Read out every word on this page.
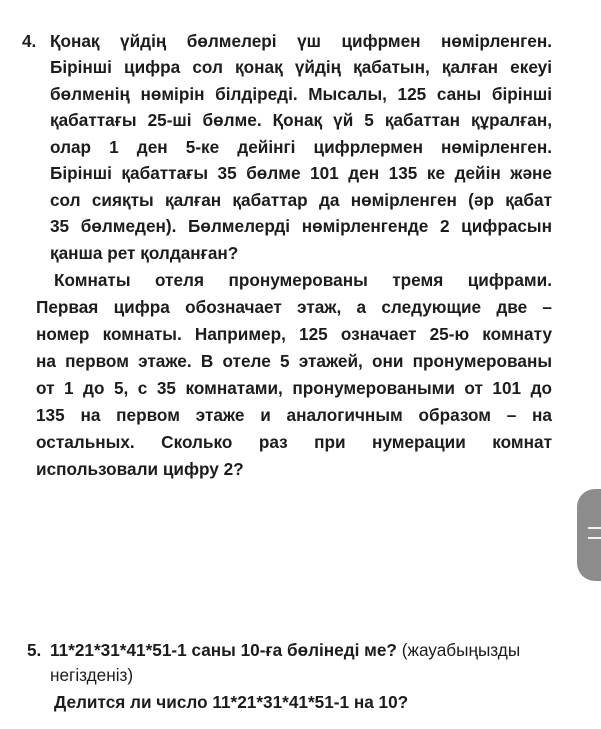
4. Қонақ үйдің бөлмелері үш цифрмен нөмірленген.
Бірінші цифра сол қонақ үйдің қабатын, қалған екеуі
бөлменің нөмірін білдіреді. Мысалы, 125 саны бірінші
қабаттағы 25-ші бөлме. Қонақ үй 5 қабаттан құралған,
олар 1 ден 5-ке дейінгі цифрлермен нөмірленген.
Бірінші қабаттағы 35 бөлме 101 ден 135 ке дейін және
сол сияқты қалған қабаттар да нөмірленген (әр қабат
35 бөлмеден). Бөлмелерді нөмірленгенде 2 цифрасын
қанша рет қолданған?
Комнаты отеля пронумерованы тремя цифрами.
Первая цифра обозначает этаж, а следующие две –
номер комнаты. Например, 125 означает 25-ю комнату
на первом этаже. В отеле 5 этажей, они пронумерованы
от 1 до 5, с 35 комнатами, пронумероваными от 101 до
135 на первом этаже и аналогичным образом – на
остальных. Сколько раз при нумерации комнат
использовали цифру 2?
5. 11*21*31*41*51-1 саны 10-ға бөлінеді ме? (жауабыңызды
негізденіз)
Делится ли число 11*21*31*41*51-1 на 10?
